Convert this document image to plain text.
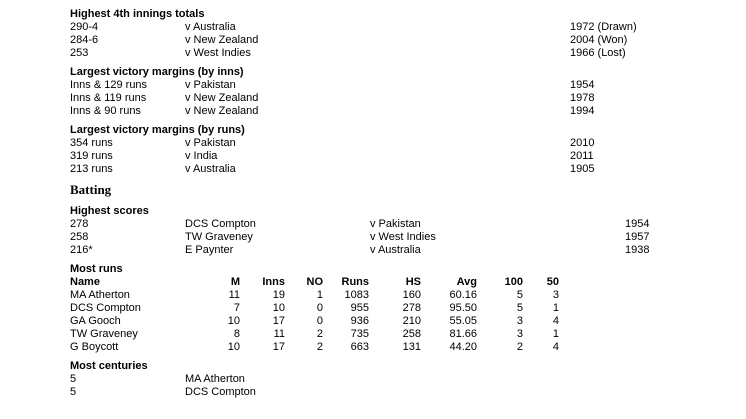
Highest 4th innings totals
290-4	v Australia	1972 (Drawn)
284-6	v New Zealand	2004 (Won)
253	v West Indies	1966 (Lost)
Largest victory margins (by inns)
Inns & 129 runs	v Pakistan	1954
Inns & 119 runs	v New Zealand	1978
Inns & 90 runs	v New Zealand	1994
Largest victory margins (by runs)
354 runs	v Pakistan	2010
319 runs	v India	2011
213 runs	v Australia	1905
Batting
Highest scores
278	DCS Compton	v Pakistan	1954
258	TW Graveney	v West Indies	1957
216*	E Paynter	v Australia	1938
Most runs
Name	M	Inns	NO	Runs	HS	Avg	100	50
MA Atherton	11	19	1	1083	160	60.16	5	3
DCS Compton	7	10	0	955	278	95.50	5	1
GA Gooch	10	17	0	936	210	55.05	3	4
TW Graveney	8	11	2	735	258	81.66	3	1
G Boycott	10	17	2	663	131	44.20	2	4
Most centuries
5	MA Atherton
5	DCS Compton
